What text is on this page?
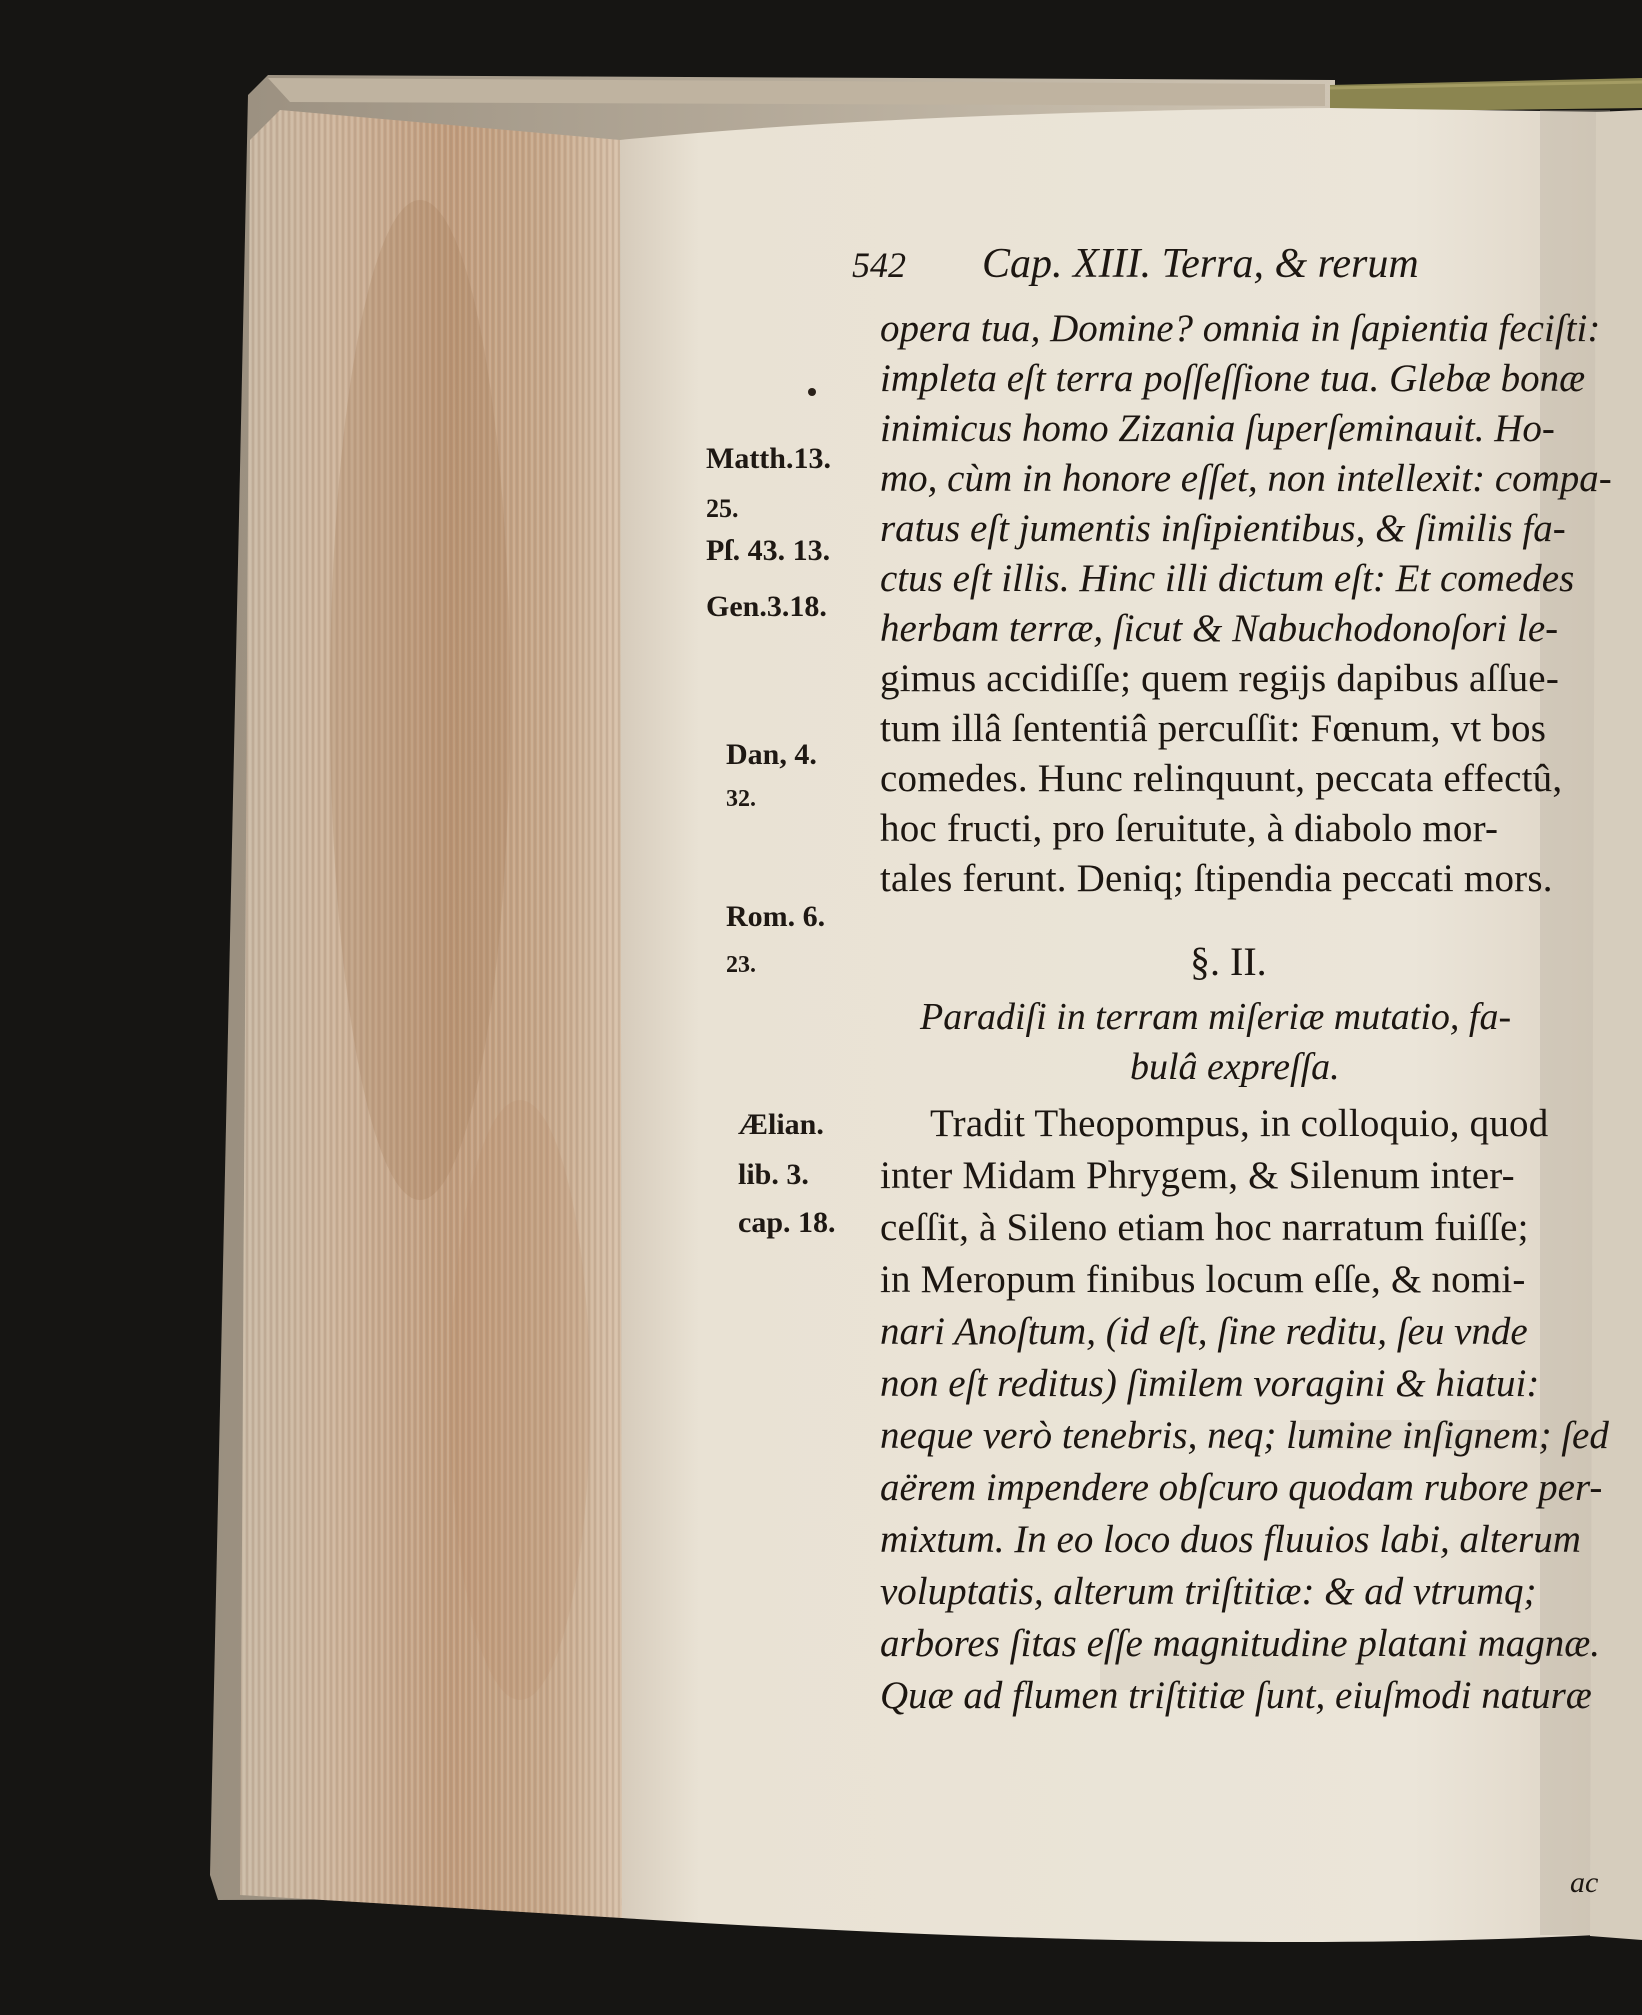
542 Cap. XIII. Terra, & rerum
opera tua, Domine? omnia in ſapientia feciſti:
impleta eſt terra poſſeſſione tua. Glebæ bonæ
inimicus homo Zizania ſuperſeminauit. Ho-
mo, cùm in honore eſſet, non intellexit: compa-
ratus eſt jumentis inſipientibus, & ſimilis fa-
ctus eſt illis. Hinc illi dictum eſt: Et comedes
herbam terræ, ſicut & Nabuchodonoſori le-
gimus accidiſſe; quem regijs dapibus aſſue-
tum illâ ſententiâ percuſſit: Fœnum, vt bos
comedes. Hunc relinquunt, peccata effectû,
hoc fructi, pro ſeruitute, à diabolo mor-
tales ferunt. Deniq; ſtipendia peccati mors.
§. II.
Paradiſi in terram miſeriæ mutatio, fa-
bulâ expreſſa.
Tradit Theopompus, in colloquio, quod
inter Midam Phrygem, & Silenum inter-
ceſſit, à Sileno etiam hoc narratum fuiſſe;
in Meropum finibus locum eſſe, & nomi-
nari Anoſtum, (id eſt, ſine reditu, ſeu vnde
non eſt reditus) ſimilem voragini & hiatui:
neque verò tenebris, neq; lumine inſignem; ſed
aërem impendere obſcuro quodam rubore per-
mixtum. In eo loco duos fluuios labi, alterum
voluptatis, alterum triſtitiæ: & ad vtrumq;
arbores ſitas eſſe magnitudine platani magnæ.
Quæ ad flumen triſtitiæ ſunt, eiuſmodi naturæ
ac
Matth.13.
25.
Pſ. 43. 13.
Gen.3.18.
Dan, 4.
32.
Rom. 6.
23.
Ælian.
lib. 3.
cap. 18.
